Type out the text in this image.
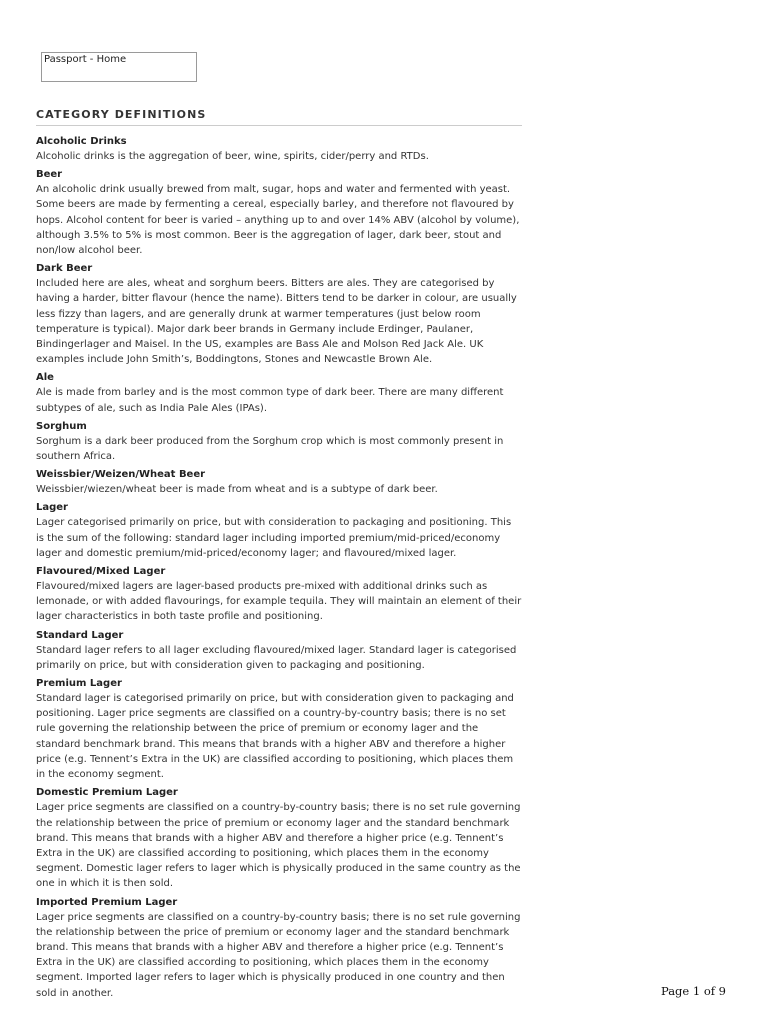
Passport - Home
CATEGORY DEFINITIONS
Alcoholic Drinks
Alcoholic drinks is the aggregation of beer, wine, spirits, cider/perry and RTDs.
Beer
An alcoholic drink usually brewed from malt, sugar, hops and water and fermented with yeast. Some beers are made by fermenting a cereal, especially barley, and therefore not flavoured by hops. Alcohol content for beer is varied – anything up to and over 14% ABV (alcohol by volume), although 3.5% to 5% is most common. Beer is the aggregation of lager, dark beer, stout and non/low alcohol beer.
Dark Beer
Included here are ales, wheat and sorghum beers. Bitters are ales. They are categorised by having a harder, bitter flavour (hence the name). Bitters tend to be darker in colour, are usually less fizzy than lagers, and are generally drunk at warmer temperatures (just below room temperature is typical). Major dark beer brands in Germany include Erdinger, Paulaner, Bindingerlager and Maisel. In the US, examples are Bass Ale and Molson Red Jack Ale. UK examples include John Smith’s, Boddingtons, Stones and Newcastle Brown Ale.
Ale
Ale is made from barley and is the most common type of dark beer. There are many different subtypes of ale, such as India Pale Ales (IPAs).
Sorghum
Sorghum is a dark beer produced from the Sorghum crop which is most commonly present in southern Africa.
Weissbier/Weizen/Wheat Beer
Weissbier/wiezen/wheat beer is made from wheat and is a subtype of dark beer.
Lager
Lager categorised primarily on price, but with consideration to packaging and positioning. This is the sum of the following: standard lager including imported premium/mid-priced/economy lager and domestic premium/mid-priced/economy lager; and flavoured/mixed lager.
Flavoured/Mixed Lager
Flavoured/mixed lagers are lager-based products pre-mixed with additional drinks such as lemonade, or with added flavourings, for example tequila. They will maintain an element of their lager characteristics in both taste profile and positioning.
Standard Lager
Standard lager refers to all lager excluding flavoured/mixed lager. Standard lager is categorised primarily on price, but with consideration given to packaging and positioning.
Premium Lager
Standard lager is categorised primarily on price, but with consideration given to packaging and positioning. Lager price segments are classified on a country-by-country basis; there is no set rule governing the relationship between the price of premium or economy lager and the standard benchmark brand. This means that brands with a higher ABV and therefore a higher price (e.g. Tennent’s Extra in the UK) are classified according to positioning, which places them in the economy segment.
Domestic Premium Lager
Lager price segments are classified on a country-by-country basis; there is no set rule governing the relationship between the price of premium or economy lager and the standard benchmark brand. This means that brands with a higher ABV and therefore a higher price (e.g. Tennent’s Extra in the UK) are classified according to positioning, which places them in the economy segment. Domestic lager refers to lager which is physically produced in the same country as the one in which it is then sold.
Imported Premium Lager
Lager price segments are classified on a country-by-country basis; there is no set rule governing the relationship between the price of premium or economy lager and the standard benchmark brand. This means that brands with a higher ABV and therefore a higher price (e.g. Tennent’s Extra in the UK) are classified according to positioning, which places them in the economy segment. Imported lager refers to lager which is physically produced in one country and then sold in another.	Page 1 of 9
